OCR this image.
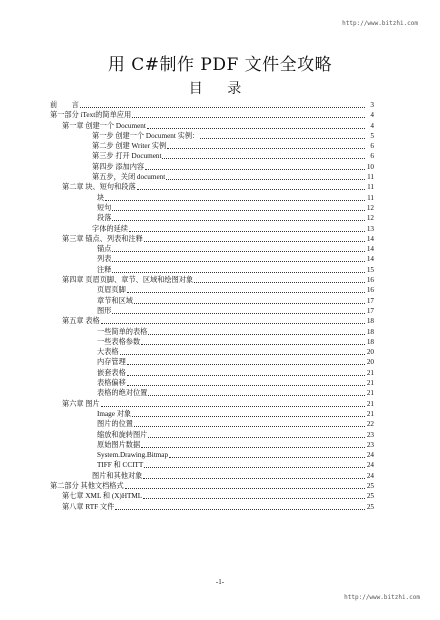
http://www.bitzhi.com
用 C#制作 PDF 文件全攻略
目 录
前　　言	3
第一部分 iText的简单应用	4
第一章 创建一个 Document	4
第一步 创建一个 Document 实例：	5
第二步 创建 Writer 实例	6
第三步 打开 Document	6
第四步 添加内容	10
第五步，关闭 document	11
第二章 块、短句和段落	11
块	11
短句	12
段落	12
字体的延续	13
第三章 锚点、列表和注释	14
锚点	14
列表	14
注释	15
第四章 页眉页脚、章节、区域和绘图对象	16
页眉页脚	16
章节和区域	17
图形	17
第五章 表格	18
一些简单的表格	18
一些表格参数	18
大表格	20
内存管理	20
嵌套表格	21
表格偏移	21
表格的绝对位置	21
第六章 图片	21
Image 对象	21
图片的位置	22
缩放和旋转图片	23
原始图片数据	23
System.Drawing.Bitmap	24
TIFF 和 CCITT	24
图片和其他对象	24
第二部分 其他文档格式	25
第七章 XML 和 (X)HTML	25
第八章 RTF 文件	25
-1-
http://www.bitzhi.com
